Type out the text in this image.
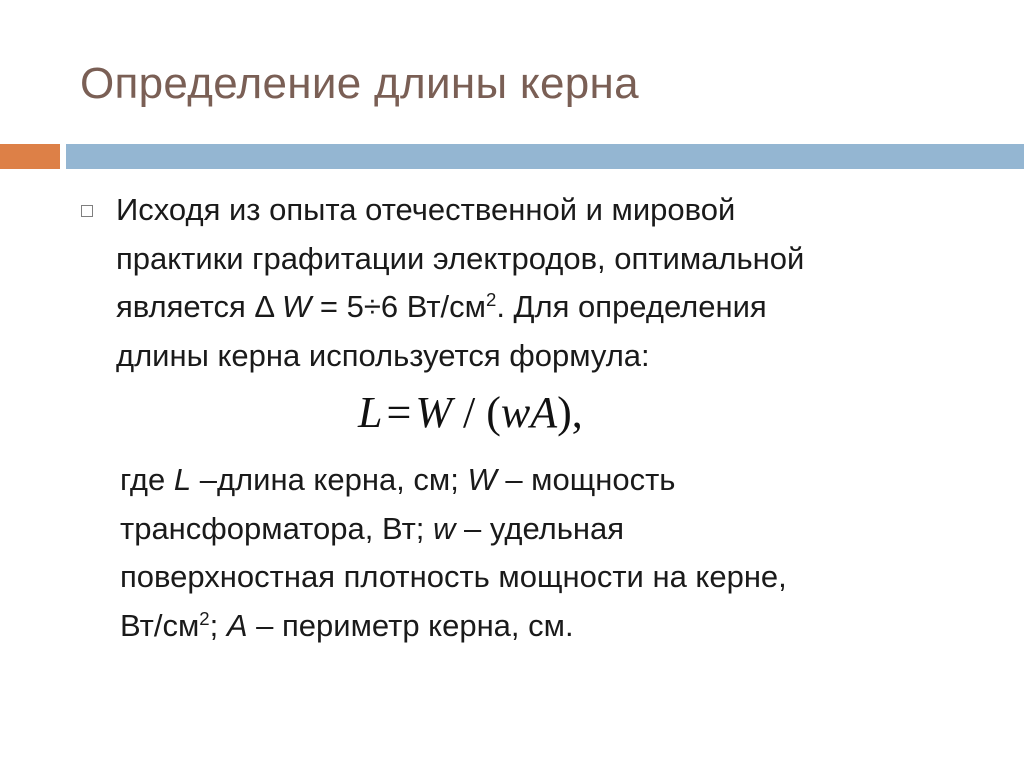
Определение длины керна
Исходя из опыта отечественной и мировой
практики графитации электродов, оптимальной
является Δ W = 5÷6 $Вт/см^2$. Для определения
длины керна используется формула:
L=W / (wA),
где L –длина керна, см; W – мощность
трансформатора, Вт; w – удельная
поверхностная плотность мощности на керне,
$Вт/см^2$; A – периметр керна, см.
